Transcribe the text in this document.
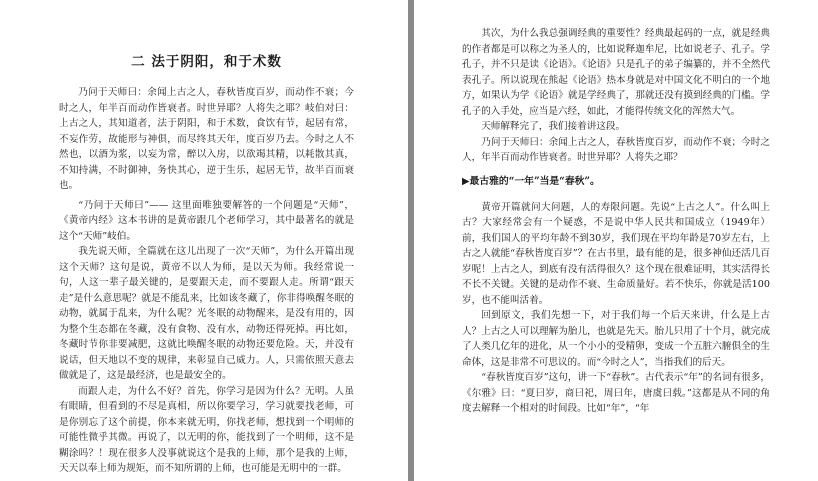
二 法于阴阳，和于术数

乃问于天师曰：余闻上古之人，春秋皆度百岁，而动作不衰；今时之人，年半百而动作皆衰者。时世异耶？人将失之耶？岐伯对曰：上古之人，其知道者，法于阴阳，和于术数，食饮有节，起居有常，不妄作劳，故能形与神俱，而尽终其天年，度百岁乃去。今时之人不然也，以酒为浆，以妄为常，醉以入房，以欲竭其精，以耗散其真，不知持满，不时御神，务快其心，逆于生乐，起居无节，故半百而衰也。

“乃问于天师曰”—— 这里面唯独要解答的一个问题是“天师”，《黄帝内经》这本书讲的是黄帝跟几个老师学习，其中最著名的就是这个“天师”岐伯。

我先说天师，全篇就在这儿出现了一次“天师”，为什么开篇出现这个天师？这句是说，黄帝不以人为师，是以天为师。我经常说一句，人这一辈子最关键的，是要跟天走，而不要跟人走。所谓“跟天走”是什么意思呢？就是不能乱来，比如该冬藏了，你非得唤醒冬眠的动物，就属于乱来，为什么呢？光冬眠的动物醒来，是没有用的，因为整个生态都在冬藏，没有食物、没有水，动物还得死掉。再比如，冬藏时节你非要减肥，这就比唤醒冬眠的动物还要危险。天，并没有说话，但天地以不变的规律，来彰显自己威力。人，只需依照天意去做就是了，这是最经济，也是最安全的。

而跟人走，为什么不好？首先，你学习是因为什么？无明。人虽有眼睛，但看到的不尽是真相，所以你要学习，学习就要找老师，可是你别忘了这个前提，你本来就无明，你找老师，想找到一个明师的可能性微乎其微。再说了，以无明的你，能找到了一个明师，这不是糊涂吗？！现在很多人没事就说这个是我的上师，那个是我的上师，天天以奉上师为规矩，而不知所谓的上师，也可能是无明中的一群。

其次，为什么我总强调经典的重要性？经典最起码的一点，就是经典的作者都是可以称之为圣人的，比如说释迦牟尼，比如说老子、孔子。学孔子，并不只是读《论语》。《论语》只是孔子的弟子编纂的，并不全然代表孔子。所以说现在熊起《论语》热本身就是对中国文化不明白的一个地方，如果认为学《论语》就是学经典了，那就还没有摸到经典的门槛。学孔子的入手处，应当是六经，如此，才能得传统文化的浑然大气。

天师解释完了，我们接着讲这段。

乃问于天师曰：余闻上古之人，春秋皆度百岁，而动作不衰；今时之人，年半百而动作皆衰者。时世异耶？人将失之耶？

▶最古雅的“一年”当是“春秋”。

黄帝开篇就问大问题，人的寿限问题。先说“上古之人”。什么叫上古？大家经常会有一个疑惑，不是说中华人民共和国成立（1949年）前，我们国人的平均年龄不到30岁，我们现在平均年龄是70岁左右，上古之人就能“春秋皆度百岁”？在古书里，最有能的是，很多神仙还活几百岁呢！上古之人，到底有没有活得很久？这个现在很难证明，其实活得长不长不关键。关键的是动作不衰、生命质量好。若不快乐，你就是活100岁，也不能叫活着。

回到原文，我们先想一下，对于我们每一个后天来讲，什么是上古人？上古之人可以理解为胎儿，也就是先天。胎儿只用了十个月，就完成了人类几亿年的进化，从一个小小的受精卵，变成一个五脏六腑俱全的生命体，这是非常不可思议的。而“今时之人”，当指我们的后天。

“春秋皆度百岁”这句，讲一下“春秋”。古代表示“年”的名词有很多，《尔雅》曰：“夏曰岁，商曰祀，周曰年，唐虞曰载。”这都是从不同的角度去解释一个相对的时间段。比如“年”，“年
